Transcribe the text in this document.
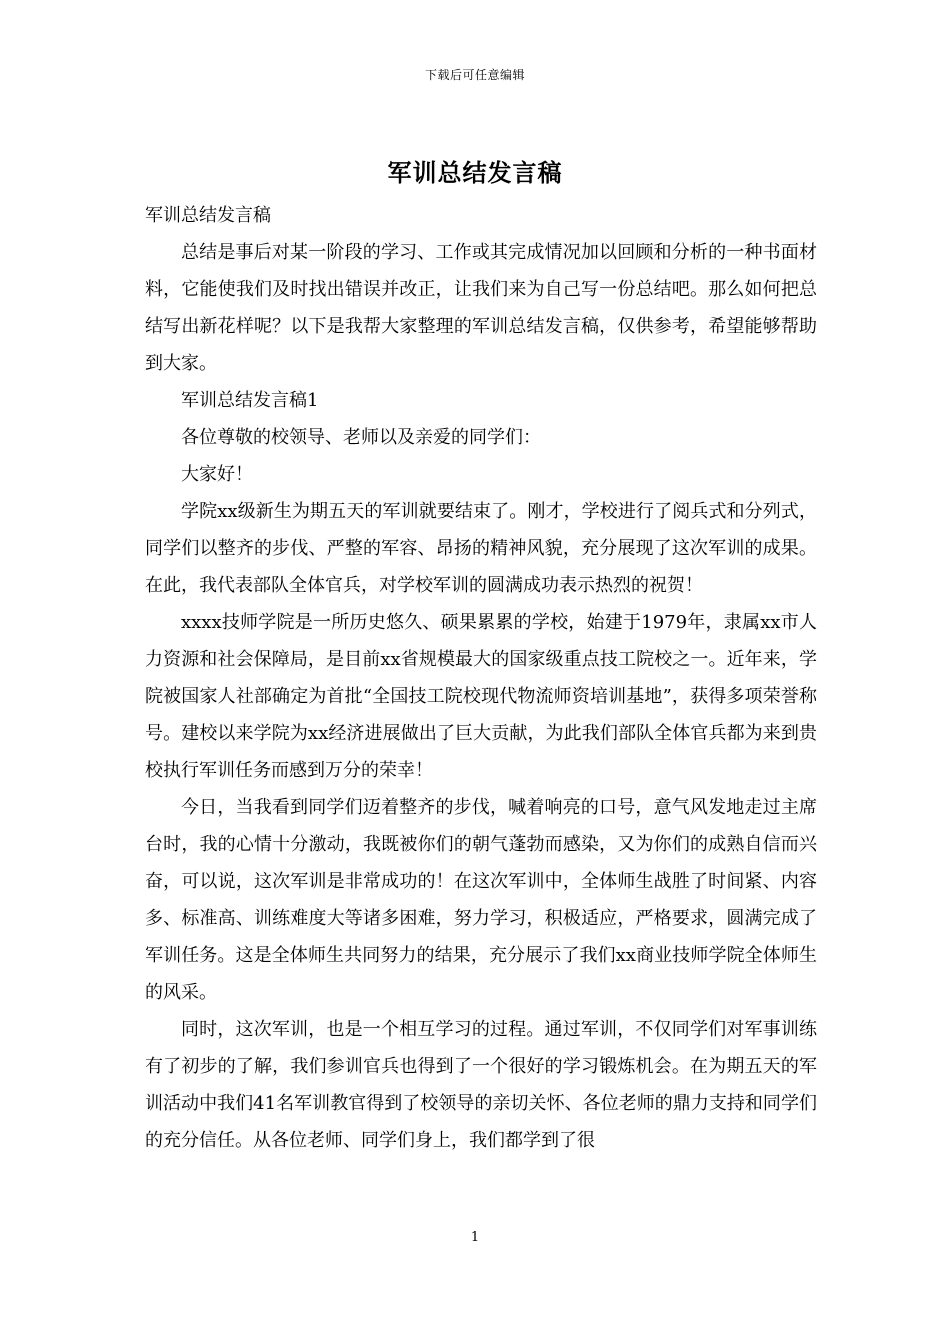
下载后可任意编辑
军训总结发言稿

军训总结发言稿

总结是事后对某一阶段的学习、工作或其完成情况加以回顾和分析的一种书面材料，它能使我们及时找出错误并改正，让我们来为自己写一份总结吧。那么如何把总结写出新花样呢？以下是我帮大家整理的军训总结发言稿，仅供参考，希望能够帮助到大家。

军训总结发言稿1

各位尊敬的校领导、老师以及亲爱的同学们：

大家好！

学院xx级新生为期五天的军训就要结束了。刚才，学校进行了阅兵式和分列式，同学们以整齐的步伐、严整的军容、昂扬的精神风貌，充分展现了这次军训的成果。在此，我代表部队全体官兵，对学校军训的圆满成功表示热烈的祝贺！

xxxx技师学院是一所历史悠久、硕果累累的学校，始建于1979年，隶属xx市人力资源和社会保障局，是目前xx省规模最大的国家级重点技工院校之一。近年来，学院被国家人社部确定为首批“全国技工院校现代物流师资培训基地”，获得多项荣誉称号。建校以来学院为xx经济进展做出了巨大贡献，为此我们部队全体官兵都为来到贵校执行军训任务而感到万分的荣幸！

今日，当我看到同学们迈着整齐的步伐，喊着响亮的口号，意气风发地走过主席台时，我的心情十分激动，我既被你们的朝气蓬勃而感染，又为你们的成熟自信而兴奋，可以说，这次军训是非常成功的！在这次军训中，全体师生战胜了时间紧、内容多、标准高、训练难度大等诸多困难，努力学习，积极适应，严格要求，圆满完成了军训任务。这是全体师生共同努力的结果，充分展示了我们xx商业技师学院全体师生的风采。

同时，这次军训，也是一个相互学习的过程。通过军训，不仅同学们对军事训练有了初步的了解，我们参训官兵也得到了一个很好的学习锻炼机会。在为期五天的军训活动中我们41名军训教官得到了校领导的亲切关怀、各位老师的鼎力支持和同学们的充分信任。从各位老师、同学们身上，我们都学到了很

1
